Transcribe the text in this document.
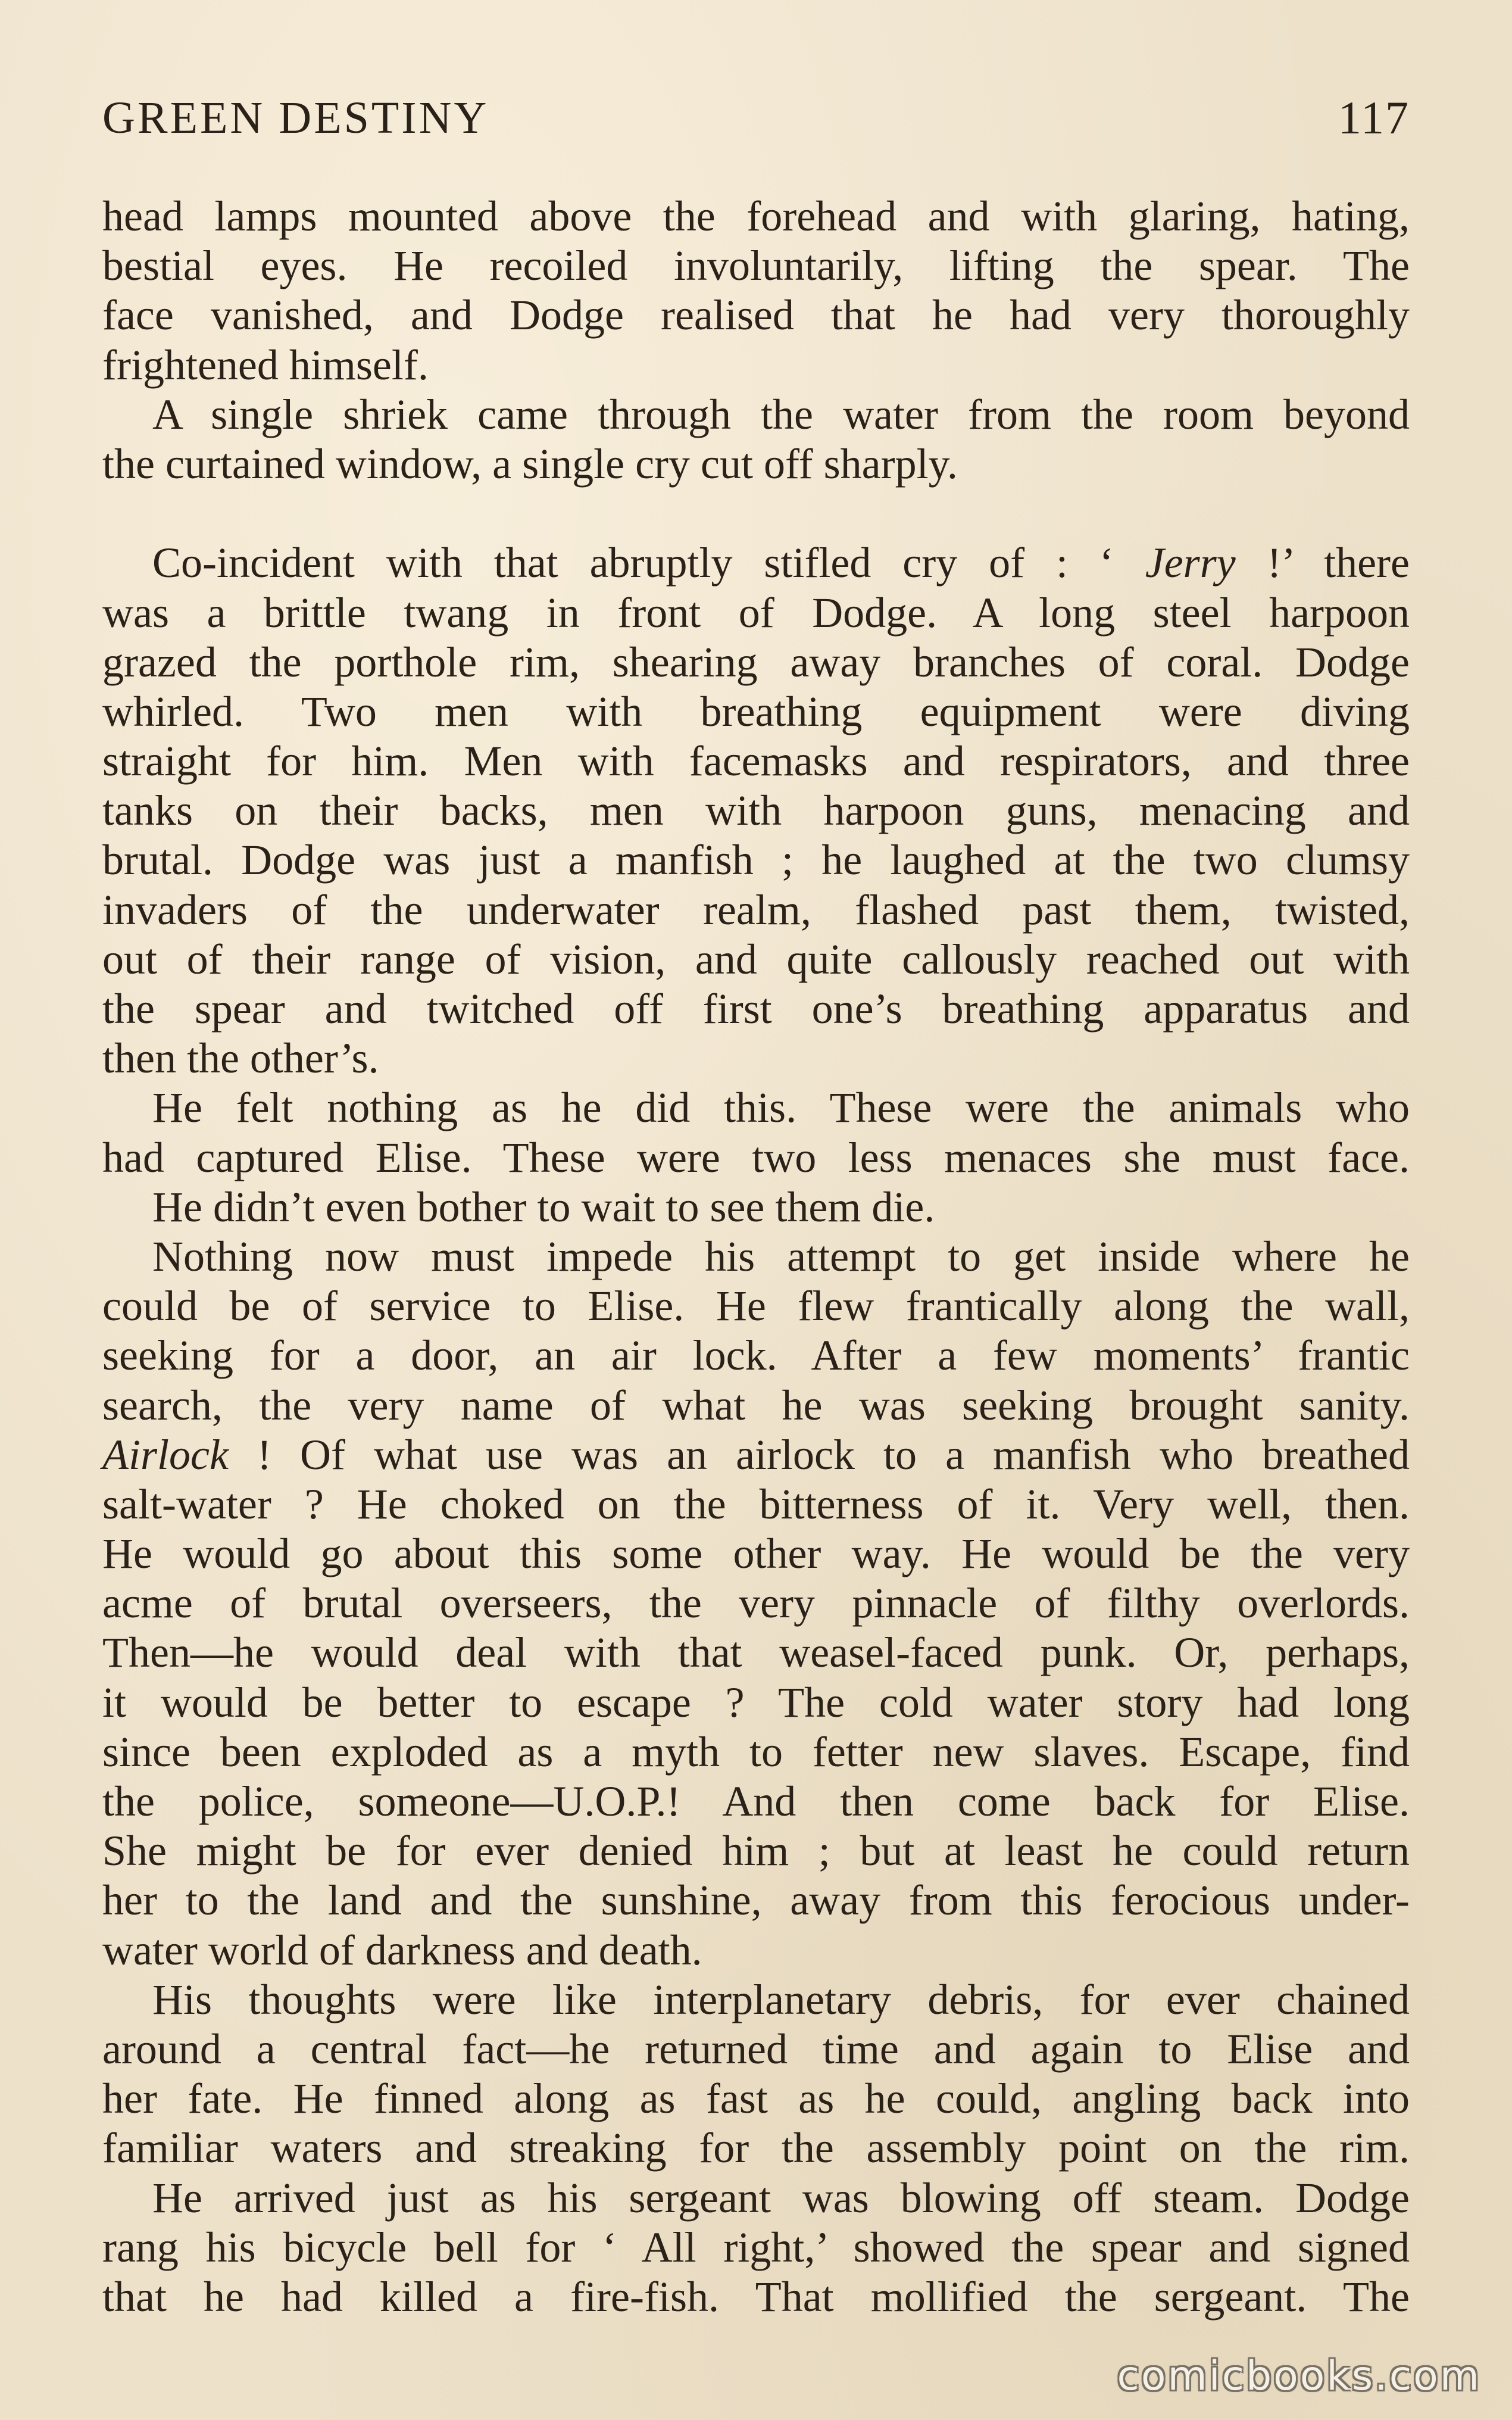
GREEN DESTINY	117
head lamps mounted above the forehead and with glaring, hating,
bestial eyes. He recoiled involuntarily, lifting the spear. The
face vanished, and Dodge realised that he had very thoroughly
frightened himself.
A single shriek came through the water from the room beyond
the curtained window, a single cry cut off sharply.
Co-incident with that abruptly stifled cry of : ‘ Jerry !’ there
was a brittle twang in front of Dodge. A long steel harpoon
grazed the porthole rim, shearing away branches of coral. Dodge
whirled. Two men with breathing equipment were diving
straight for him. Men with facemasks and respirators, and three
tanks on their backs, men with harpoon guns, menacing and
brutal. Dodge was just a manfish ; he laughed at the two clumsy
invaders of the underwater realm, flashed past them, twisted,
out of their range of vision, and quite callously reached out with
the spear and twitched off first one’s breathing apparatus and
then the other’s.
He felt nothing as he did this. These were the animals who
had captured Elise. These were two less menaces she must face.
He didn’t even bother to wait to see them die.
Nothing now must impede his attempt to get inside where he
could be of service to Elise. He flew frantically along the wall,
seeking for a door, an air lock. After a few moments’ frantic
search, the very name of what he was seeking brought sanity.
Airlock ! Of what use was an airlock to a manfish who breathed
salt-water ? He choked on the bitterness of it. Very well, then.
He would go about this some other way. He would be the very
acme of brutal overseers, the very pinnacle of filthy overlords.
Then—he would deal with that weasel-faced punk. Or, perhaps,
it would be better to escape ? The cold water story had long
since been exploded as a myth to fetter new slaves. Escape, find
the police, someone—U.O.P.! And then come back for Elise.
She might be for ever denied him ; but at least he could return
her to the land and the sunshine, away from this ferocious under-
water world of darkness and death.
His thoughts were like interplanetary debris, for ever chained
around a central fact—he returned time and again to Elise and
her fate. He finned along as fast as he could, angling back into
familiar waters and streaking for the assembly point on the rim.
He arrived just as his sergeant was blowing off steam. Dodge
rang his bicycle bell for ‘ All right,’ showed the spear and signed
that he had killed a fire-fish. That mollified the sergeant. The
comicbooks.com
